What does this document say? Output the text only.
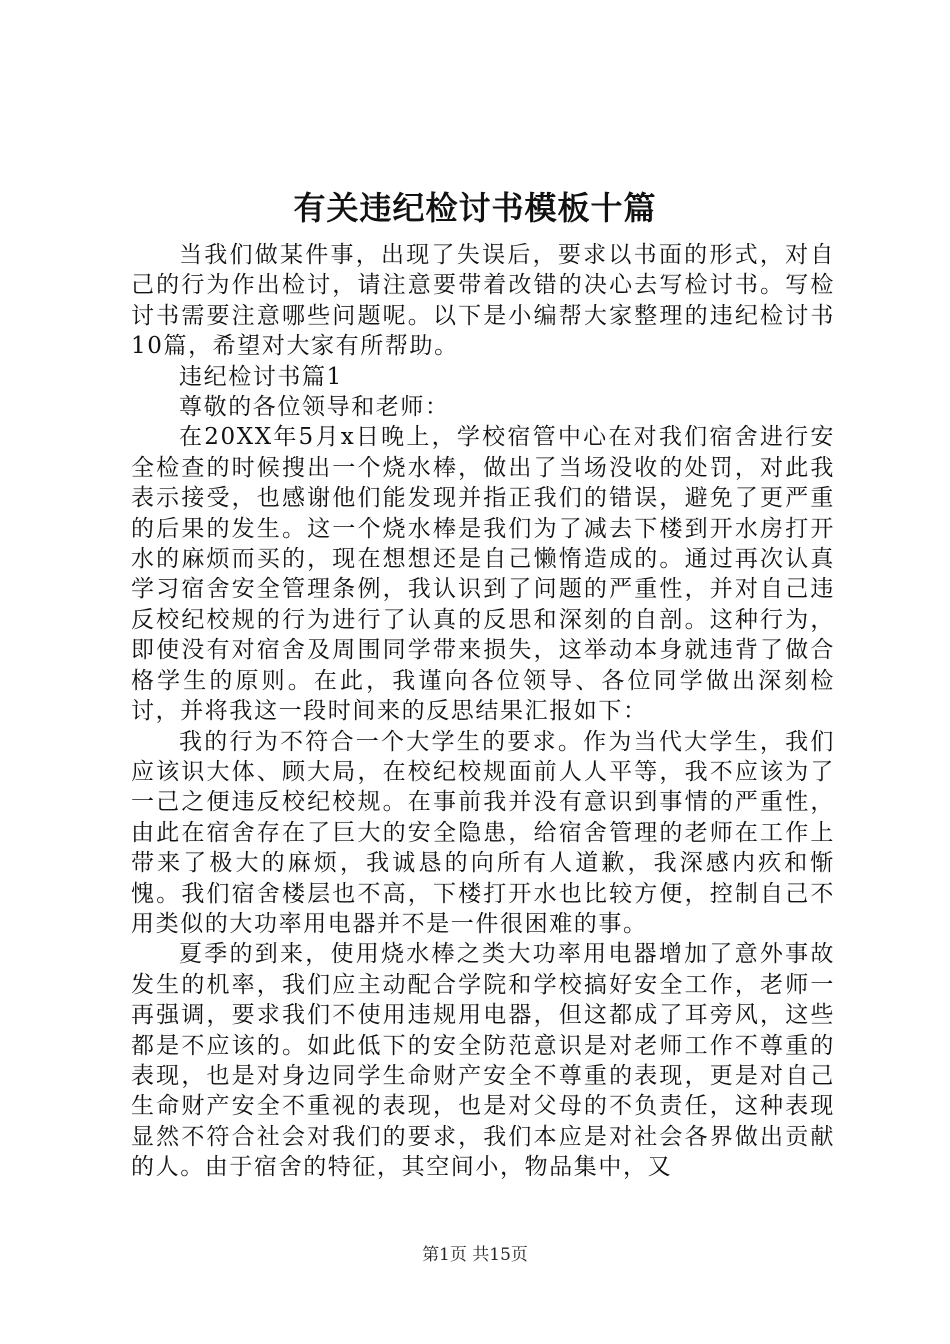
有关违纪检讨书模板十篇

当我们做某件事，出现了失误后，要求以书面的形式，对自己的行为作出检讨，请注意要带着改错的决心去写检讨书。写检讨书需要注意哪些问题呢。以下是小编帮大家整理的违纪检讨书10篇，希望对大家有所帮助。

违纪检讨书篇1

尊敬的各位领导和老师：

在20XX年5月x日晚上，学校宿管中心在对我们宿舍进行安全检查的时候搜出一个烧水棒，做出了当场没收的处罚，对此我表示接受，也感谢他们能发现并指正我们的错误，避免了更严重的后果的发生。这一个烧水棒是我们为了减去下楼到开水房打开水的麻烦而买的，现在想想还是自己懒惰造成的。通过再次认真学习宿舍安全管理条例，我认识到了问题的严重性，并对自己违反校纪校规的行为进行了认真的反思和深刻的自剖。这种行为，即使没有对宿舍及周围同学带来损失，这举动本身就违背了做合格学生的原则。在此，我谨向各位领导、各位同学做出深刻检讨，并将我这一段时间来的反思结果汇报如下：

我的行为不符合一个大学生的要求。作为当代大学生，我们应该识大体、顾大局，在校纪校规面前人人平等，我不应该为了一己之便违反校纪校规。在事前我并没有意识到事情的严重性，由此在宿舍存在了巨大的安全隐患，给宿舍管理的老师在工作上带来了极大的麻烦，我诚恳的向所有人道歉，我深感内疚和惭愧。我们宿舍楼层也不高，下楼打开水也比较方便，控制自己不用类似的大功率用电器并不是一件很困难的事。

夏季的到来，使用烧水棒之类大功率用电器增加了意外事故发生的机率，我们应主动配合学院和学校搞好安全工作，老师一再强调，要求我们不使用违规用电器，但这都成了耳旁风，这些都是不应该的。如此低下的安全防范意识是对老师工作不尊重的表现，也是对身边同学生命财产安全不尊重的表现，更是对自己生命财产安全不重视的表现，也是对父母的不负责任，这种表现显然不符合社会对我们的要求，我们本应是对社会各界做出贡献的人。由于宿舍的特征，其空间小，物品集中，又

第1页 共15页
